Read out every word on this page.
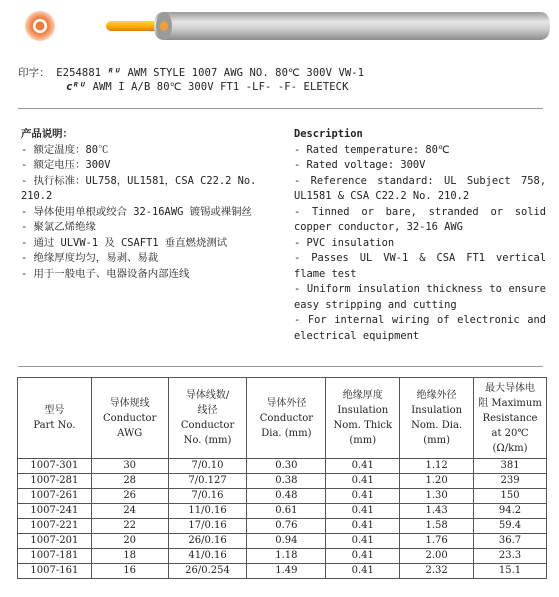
印字： E254881 ᴿᵁ AWM STYLE 1007 AWG NO. 80℃ 300V VW-1
cᴿᵁ AWM I A/B 80℃ 300V FT1 -LF- -F- ELETECK
产品说明：
- 额定温度：80℃
- 额定电压：300V
- 执行标准：UL758，UL1581，CSA C22.2 No. 210.2
- 导体使用单根或绞合 32-16AWG 镀锡或裸铜丝
- 聚氯乙烯绝缘
- 通过 ULVW-1 及 CSAFT1 垂直燃烧测试
- 绝缘厚度均匀，易剥、易裁
- 用于一般电子、电器设备内部连线
Description
- Rated temperature: 80℃
- Rated voltage: 300V
- Reference standard: UL Subject 758, UL1581 & CSA C22.2 No. 210.2
- Tinned or bare, stranded or solid copper conductor, 32-16 AWG
- PVC insulation
- Passes UL VW-1 & CSA FT1 vertical flame test
- Uniform insulation thickness to ensure easy stripping and cutting
- For internal wiring of electronic and electrical equipment
型号
Part No.	导体规线
Conductor
AWG	导体线数/
线径
Conductor
No. (mm)	导体外径
Conductor
Dia. (mm)	绝缘厚度
Insulation
Nom. Thick
(mm)	绝缘外径
Insulation
Nom. Dia.
(mm)	最大导体电
阻 Maximum
Resistance
at 20℃
(Ω/km)

1007-301	30	7/0.10	0.30	0.41	1.12	381
1007-281	28	7/0.127	0.38	0.41	1.20	239
1007-261	26	7/0.16	0.48	0.41	1.30	150
1007-241	24	11/0.16	0.61	0.41	1.43	94.2
1007-221	22	17/0.16	0.76	0.41	1.58	59.4
1007-201	20	26/0.16	0.94	0.41	1.76	36.7
1007-181	18	41/0.16	1.18	0.41	2.00	23.3
1007-161	16	26/0.254	1.49	0.41	2.32	15.1
